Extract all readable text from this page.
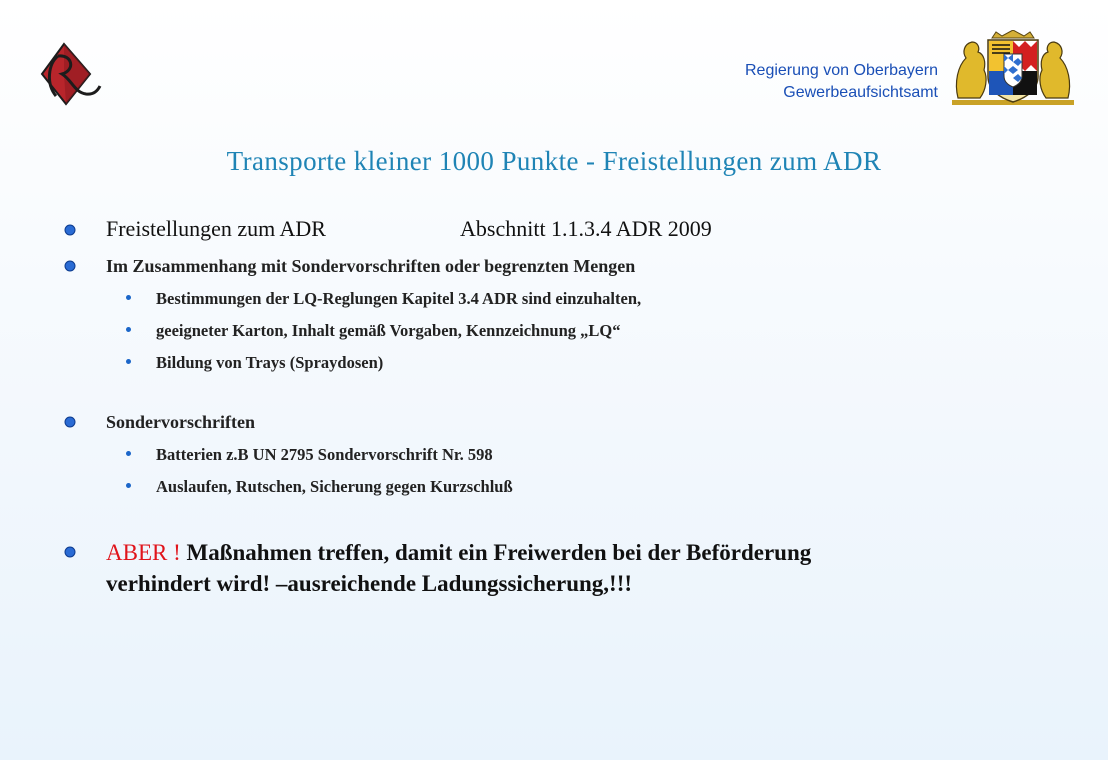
Regierung von Oberbayern
Gewerbeaufsichtsamt
Transporte kleiner 1000 Punkte - Freistellungen zum ADR
Freistellungen zum ADR	Abschnitt 1.1.3.4 ADR 2009
Im Zusammenhang mit Sondervorschriften oder begrenzten Mengen
Bestimmungen der LQ-Reglungen Kapitel 3.4 ADR sind einzuhalten,
geeigneter Karton, Inhalt gemäß Vorgaben, Kennzeichnung „LQ“
Bildung von Trays (Spraydosen)
Sondervorschriften
Batterien z.B UN 2795 Sondervorschrift Nr. 598
Auslaufen, Rutschen, Sicherung gegen Kurzschluß
ABER ! Maßnahmen treffen, damit ein Freiwerden bei der Beförderung
verhindert wird! –ausreichende Ladungssicherung,!!!
